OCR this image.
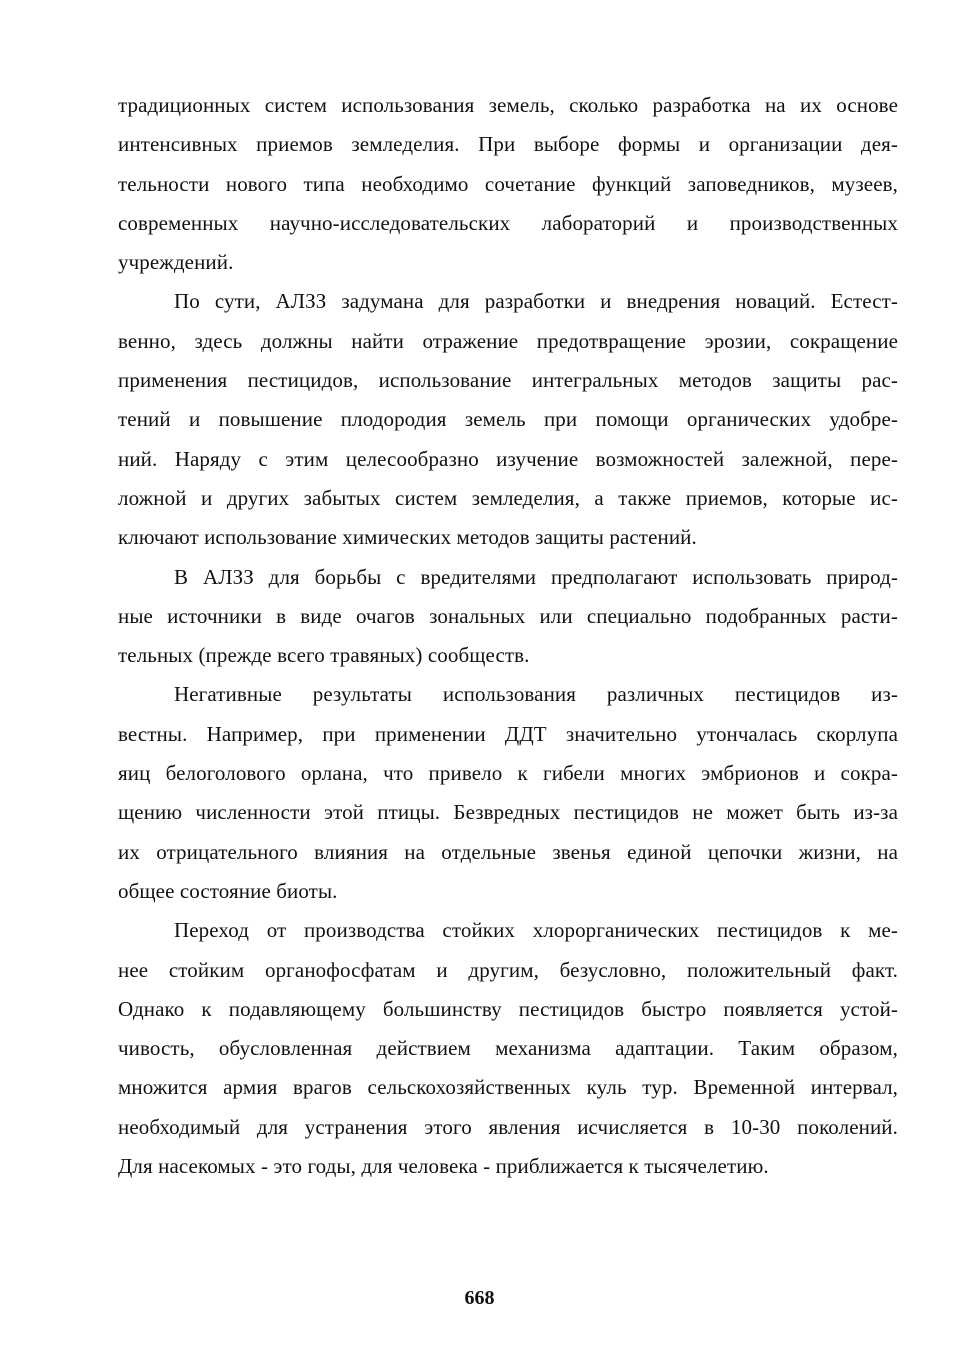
традиционных систем использования земель, сколько разработка на их основе
интенсивных приемов земледелия. При выборе формы и организации дея-
тельности нового типа необходимо сочетание функций заповедников, музеев,
современных научно-исследовательских лабораторий и производственных
учреждений.
По сути, АЛЗЗ задумана для разработки и внедрения новаций. Естест-
венно, здесь должны найти отражение предотвращение эрозии, сокращение
применения пестицидов, использование интегральных методов защиты рас-
тений и повышение плодородия земель при помощи органических удобре-
ний. Наряду с этим целесообразно изучение возможностей залежной, пере-
ложной и других забытых систем земледелия, а также приемов, которые ис-
ключают использование химических методов защиты растений.
В АЛЗЗ для борьбы с вредителями предполагают использовать природ-
ные источники в виде очагов зональных или специально подобранных расти-
тельных (прежде всего травяных) сообществ.
Негативные результаты использования различных пестицидов из-
вестны. Например, при применении ДДТ значительно утончалась скорлупа
яиц белоголового орлана, что привело к гибели многих эмбрионов и сокра-
щению численности этой птицы. Безвредных пестицидов не может быть из-за
их отрицательного влияния на отдельные звенья единой цепочки жизни, на
общее состояние биоты.
Переход от производства стойких хлорорганических пестицидов к ме-
нее стойким органофосфатам и другим, безусловно, положительный факт.
Однако к подавляющему большинству пестицидов быстро появляется устой-
чивость, обусловленная действием механизма адаптации. Таким образом,
множится армия врагов сельскохозяйственных куль тур. Временной интервал,
необходимый для устранения этого явления исчисляется в 10-30 поколений.
Для насекомых - это годы, для человека - приближается к тысячелетию.
668
